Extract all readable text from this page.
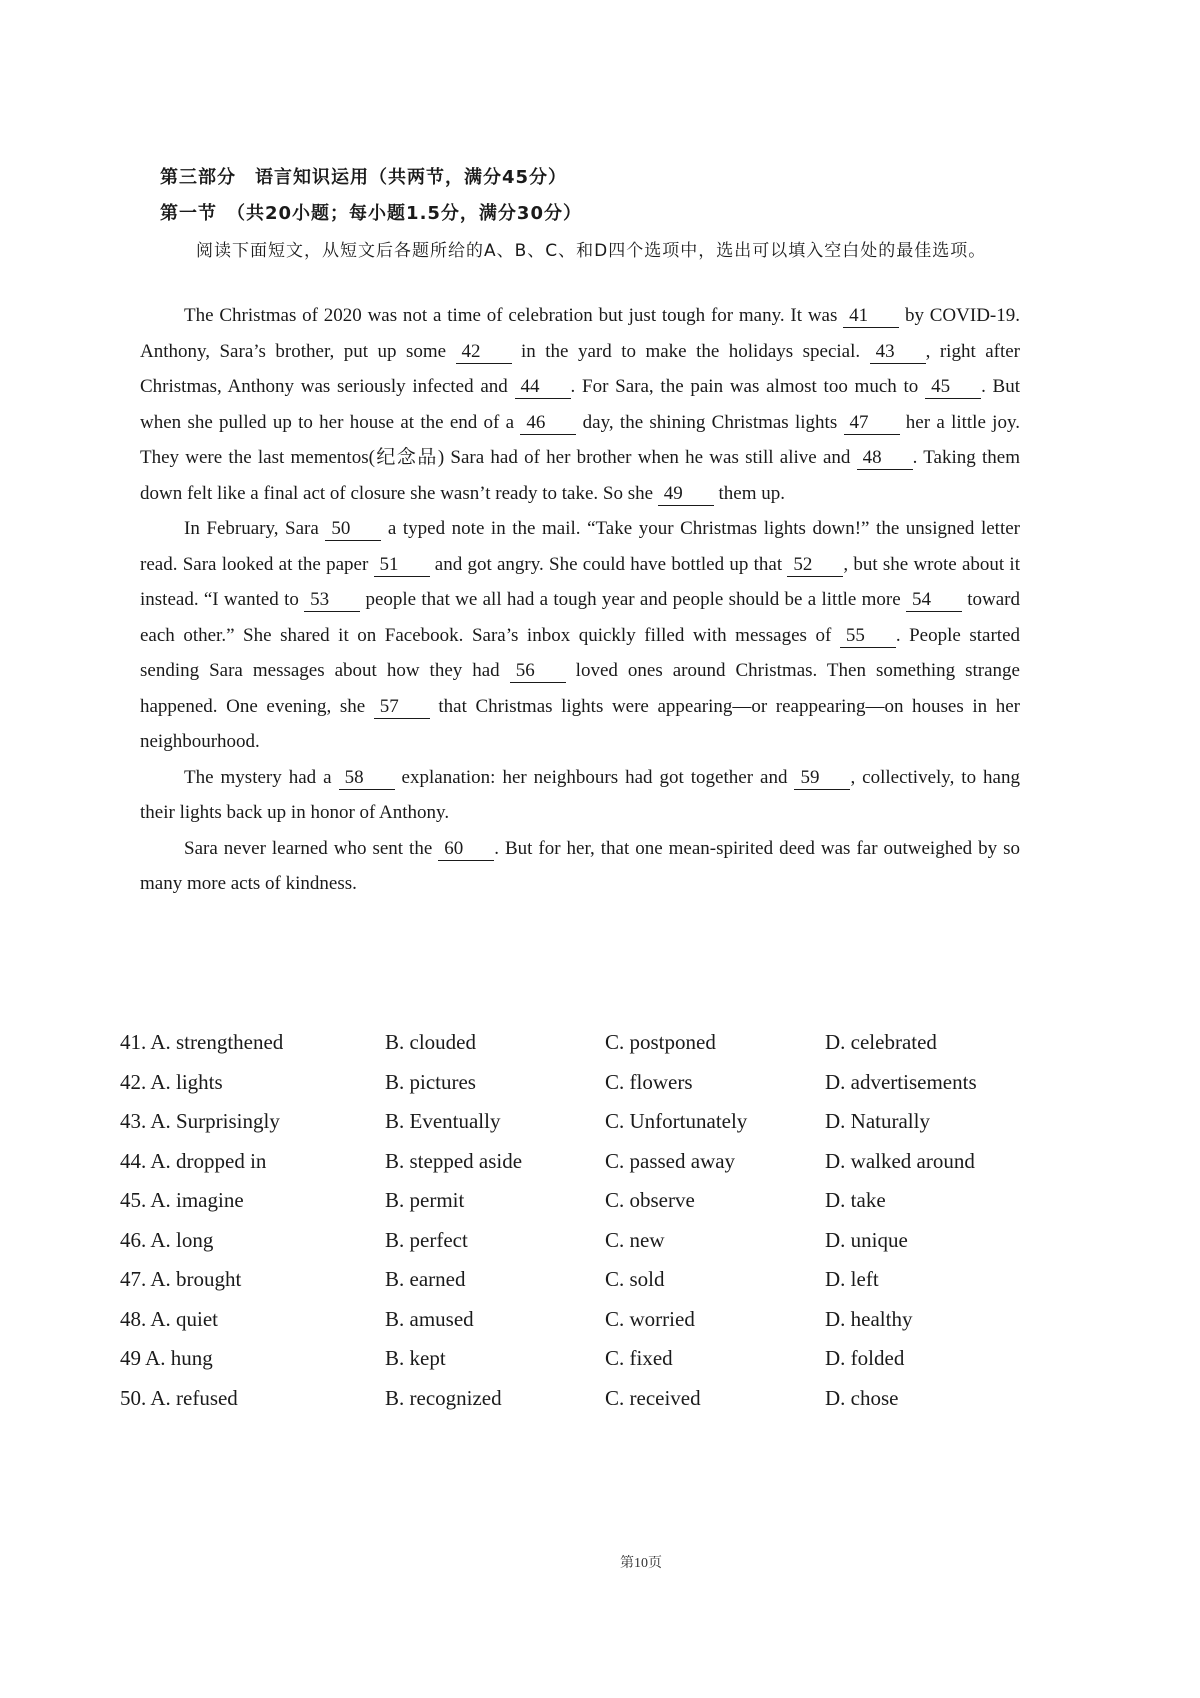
第三部分　语言知识运用（共两节，满分45分）
第一节　（共20小题；每小题1.5分，满分30分）
阅读下面短文，从短文后各题所给的A、B、C、和D四个选项中，选出可以填入空白处的最佳选项。

The Christmas of 2020 was not a time of celebration but just tough for many. It was 41 by COVID-19. Anthony, Sara’s brother, put up some 42 in the yard to make the holidays special. 43 , right after Christmas, Anthony was seriously infected and 44 . For Sara, the pain was almost too much to 45 . But when she pulled up to her house at the end of a 46 day, the shining Christmas lights 47 her a little joy. They were the last mementos(纪念品) Sara had of her brother when he was still alive and 48 . Taking them down felt like a final act of closure she wasn’t ready to take. So she 49 them up.

In February, Sara 50 a typed note in the mail. “Take your Christmas lights down!” the unsigned letter read. Sara looked at the paper 51 and got angry. She could have bottled up that 52 , but she wrote about it instead. “I wanted to 53 people that we all had a tough year and people should be a little more 54 toward each other.” She shared it on Facebook. Sara’s inbox quickly filled with messages of 55 . People started sending Sara messages about how they had 56 loved ones around Christmas. Then something strange happened. One evening, she 57 that Christmas lights were appearing—or reappearing—on houses in her neighbourhood.

The mystery had a 58 explanation: her neighbours had got together and 59 , collectively, to hang their lights back up in honor of Anthony.

Sara never learned who sent the 60 . But for her, that one mean-spirited deed was far outweighed by so many more acts of kindness.

41. A. strengthened	B. clouded	C. postponed	D. celebrated
42. A. lights	B. pictures	C. flowers	D. advertisements
43. A. Surprisingly	B. Eventually	C. Unfortunately	D. Naturally
44. A. dropped in	B. stepped aside	C. passed away	D. walked around
45. A. imagine	B. permit	C. observe	D. take
46. A. long	B. perfect	C. new	D. unique
47. A. brought	B. earned	C. sold	D. left
48. A. quiet	B. amused	C. worried	D. healthy
49 A. hung	B. kept	C. fixed	D. folded
50. A. refused	B. recognized	C. received	D. chose
第10页
